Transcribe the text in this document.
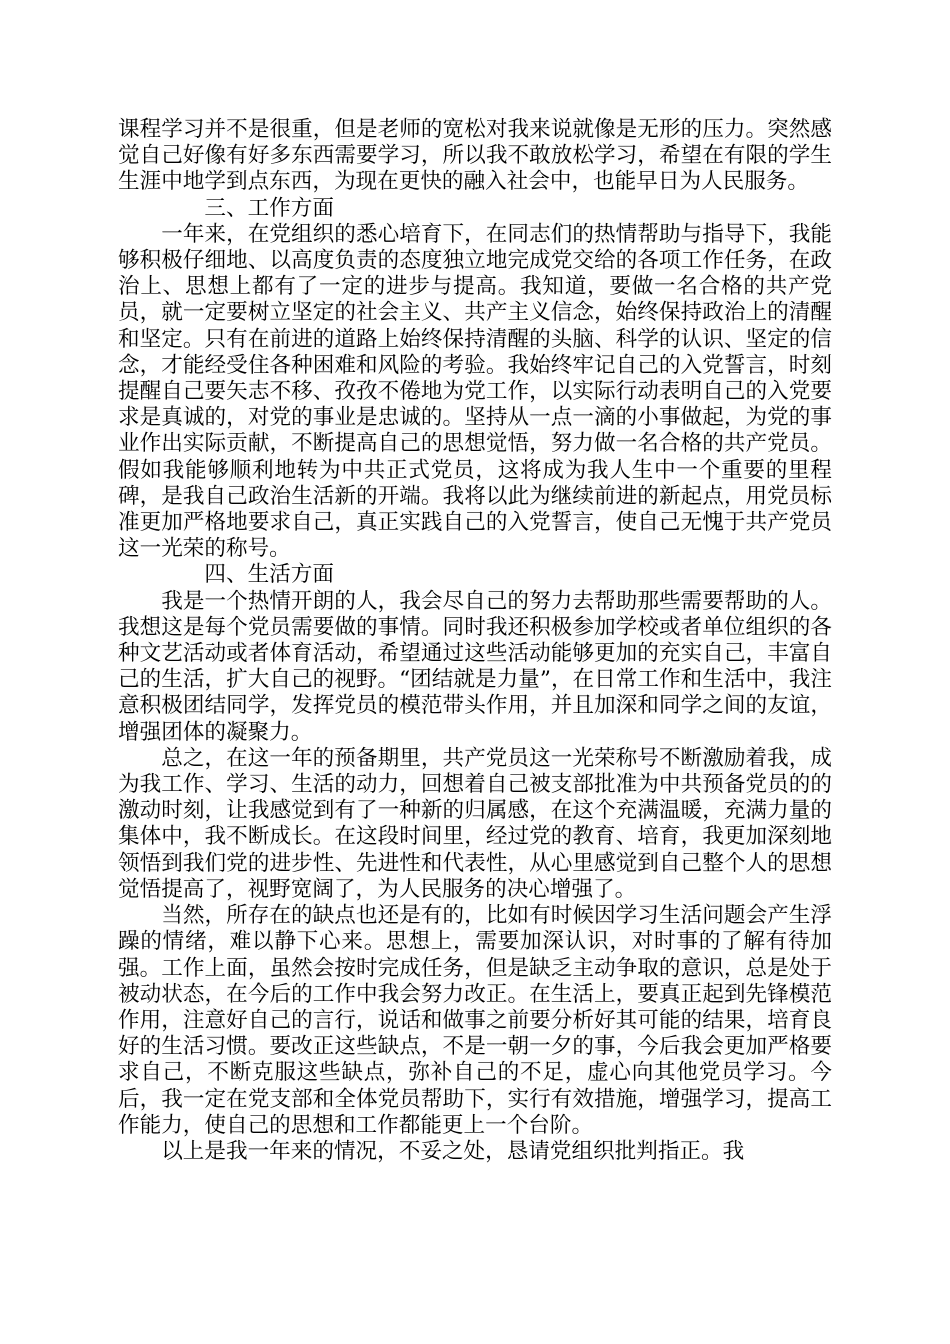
课程学习并不是很重，但是老师的宽松对我来说就像是无形的压力。突然感觉自己好像有好多东西需要学习，所以我不敢放松学习，希望在有限的学生生涯中地学到点东西，为现在更快的融入社会中，也能早日为人民服务。

三、工作方面

一年来，在党组织的悉心培育下，在同志们的热情帮助与指导下，我能够积极仔细地、以高度负责的态度独立地完成党交给的各项工作任务，在政治上、思想上都有了一定的进步与提高。我知道，要做一名合格的共产党员，就一定要树立坚定的社会主义、共产主义信念，始终保持政治上的清醒和坚定。只有在前进的道路上始终保持清醒的头脑、科学的认识、坚定的信念，才能经受住各种困难和风险的考验。我始终牢记自己的入党誓言，时刻提醒自己要矢志不移、孜孜不倦地为党工作，以实际行动表明自己的入党要求是真诚的，对党的事业是忠诚的。坚持从一点一滴的小事做起，为党的事业作出实际贡献，不断提高自己的思想觉悟，努力做一名合格的共产党员。假如我能够顺利地转为中共正式党员，这将成为我人生中一个重要的里程碑，是我自己政治生活新的开端。我将以此为继续前进的新起点，用党员标准更加严格地要求自己，真正实践自己的入党誓言，使自己无愧于共产党员这一光荣的称号。

四、生活方面

我是一个热情开朗的人，我会尽自己的努力去帮助那些需要帮助的人。我想这是每个党员需要做的事情。同时我还积极参加学校或者单位组织的各种文艺活动或者体育活动，希望通过这些活动能够更加的充实自己，丰富自己的生活，扩大自己的视野。“团结就是力量”，在日常工作和生活中，我注意积极团结同学，发挥党员的模范带头作用，并且加深和同学之间的友谊，增强团体的凝聚力。

总之，在这一年的预备期里，共产党员这一光荣称号不断激励着我，成为我工作、学习、生活的动力，回想着自己被支部批准为中共预备党员的的激动时刻，让我感觉到有了一种新的归属感，在这个充满温暖，充满力量的集体中，我不断成长。在这段时间里，经过党的教育、培育，我更加深刻地领悟到我们党的进步性、先进性和代表性，从心里感觉到自己整个人的思想觉悟提高了，视野宽阔了，为人民服务的决心增强了。

当然，所存在的缺点也还是有的，比如有时候因学习生活问题会产生浮躁的情绪，难以静下心来。思想上，需要加深认识，对时事的了解有待加强。工作上面，虽然会按时完成任务，但是缺乏主动争取的意识，总是处于被动状态，在今后的工作中我会努力改正。在生活上，要真正起到先锋模范作用，注意好自己的言行，说话和做事之前要分析好其可能的结果，培育良好的生活习惯。要改正这些缺点，不是一朝一夕的事，今后我会更加严格要求自己，不断克服这些缺点，弥补自己的不足，虚心向其他党员学习。今后，我一定在党支部和全体党员帮助下，实行有效措施，增强学习，提高工作能力，使自己的思想和工作都能更上一个台阶。

以上是我一年来的情况，不妥之处，恳请党组织批判指正。我
